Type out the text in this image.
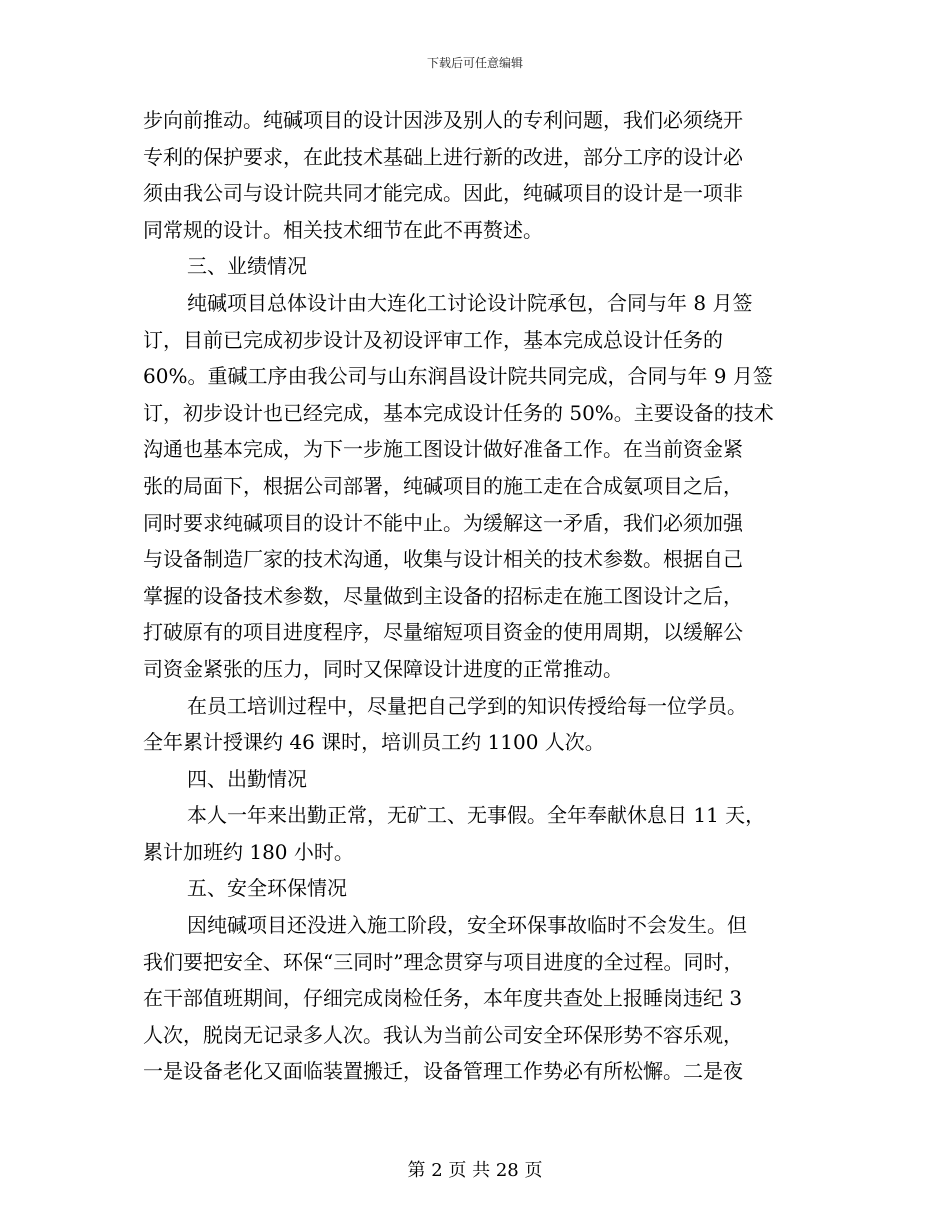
下载后可任意编辑
步向前推动。纯碱项目的设计因涉及别人的专利问题，我们必须绕开
专利的保护要求，在此技术基础上进行新的改进，部分工序的设计必
须由我公司与设计院共同才能完成。因此，纯碱项目的设计是一项非
同常规的设计。相关技术细节在此不再赘述。
三、业绩情况
纯碱项目总体设计由大连化工讨论设计院承包，合同与年 8 月签
订，目前已完成初步设计及初设评审工作，基本完成总设计任务的
60%。重碱工序由我公司与山东润昌设计院共同完成，合同与年 9 月签
订，初步设计也已经完成，基本完成设计任务的 50%。主要设备的技术
沟通也基本完成，为下一步施工图设计做好准备工作。在当前资金紧
张的局面下，根据公司部署，纯碱项目的施工走在合成氨项目之后，
同时要求纯碱项目的设计不能中止。为缓解这一矛盾，我们必须加强
与设备制造厂家的技术沟通，收集与设计相关的技术参数。根据自己
掌握的设备技术参数，尽量做到主设备的招标走在施工图设计之后，
打破原有的项目进度程序，尽量缩短项目资金的使用周期，以缓解公
司资金紧张的压力，同时又保障设计进度的正常推动。
在员工培训过程中，尽量把自己学到的知识传授给每一位学员。
全年累计授课约 46 课时，培训员工约 1100 人次。
四、出勤情况
本人一年来出勤正常，无矿工、无事假。全年奉献休息日 11 天，
累计加班约 180 小时。
五、安全环保情况
因纯碱项目还没进入施工阶段，安全环保事故临时不会发生。但
我们要把安全、环保“三同时”理念贯穿与项目进度的全过程。同时，
在干部值班期间，仔细完成岗检任务，本年度共查处上报睡岗违纪 3
人次，脱岗无记录多人次。我认为当前公司安全环保形势不容乐观，
一是设备老化又面临装置搬迁，设备管理工作势必有所松懈。二是夜
第 2 页 共 28 页
